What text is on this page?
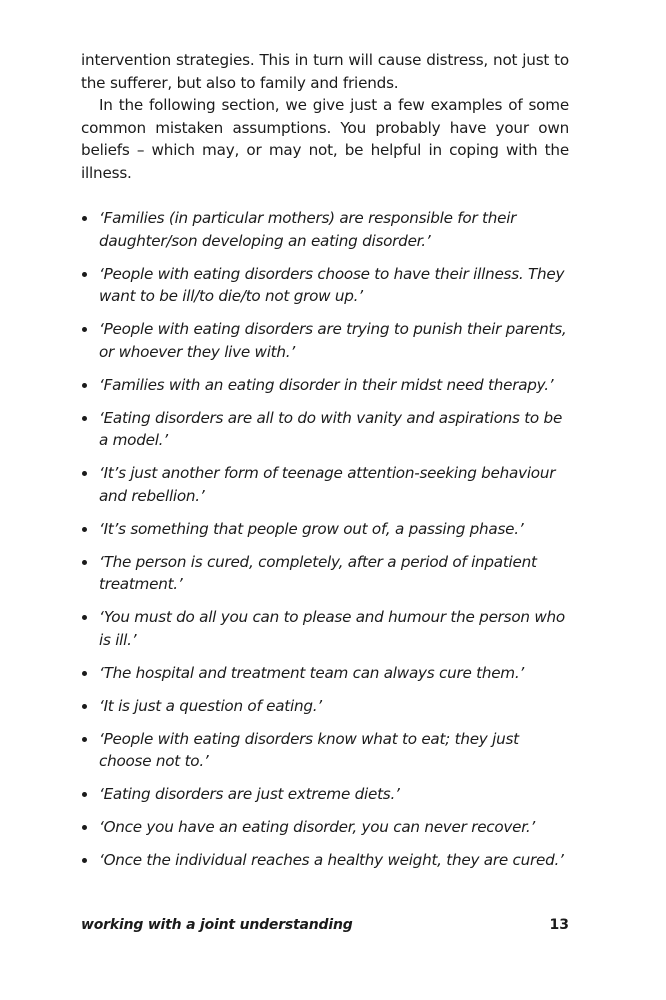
intervention strategies. This in turn will cause distress, not just to the sufferer, but also to family and friends.

In the following section, we give just a few examples of some common mistaken assumptions. You probably have your own beliefs – which may, or may not, be helpful in coping with the illness.

‘Families (in particular mothers) are responsible for their daughter/son developing an eating disorder.’
‘People with eating disorders choose to have their illness. They want to be ill/to die/to not grow up.’
‘People with eating disorders are trying to punish their parents, or whoever they live with.’
‘Families with an eating disorder in their midst need therapy.’
‘Eating disorders are all to do with vanity and aspirations to be a model.’
‘It’s just another form of teenage attention-seeking behaviour and rebellion.’
‘It’s something that people grow out of, a passing phase.’
‘The person is cured, completely, after a period of inpatient treatment.’
‘You must do all you can to please and humour the person who is ill.’
‘The hospital and treatment team can always cure them.’
‘It is just a question of eating.’
‘People with eating disorders know what to eat; they just choose not to.’
‘Eating disorders are just extreme diets.’
‘Once you have an eating disorder, you can never recover.’
‘Once the individual reaches a healthy weight, they are cured.’
working with a joint understanding	13
